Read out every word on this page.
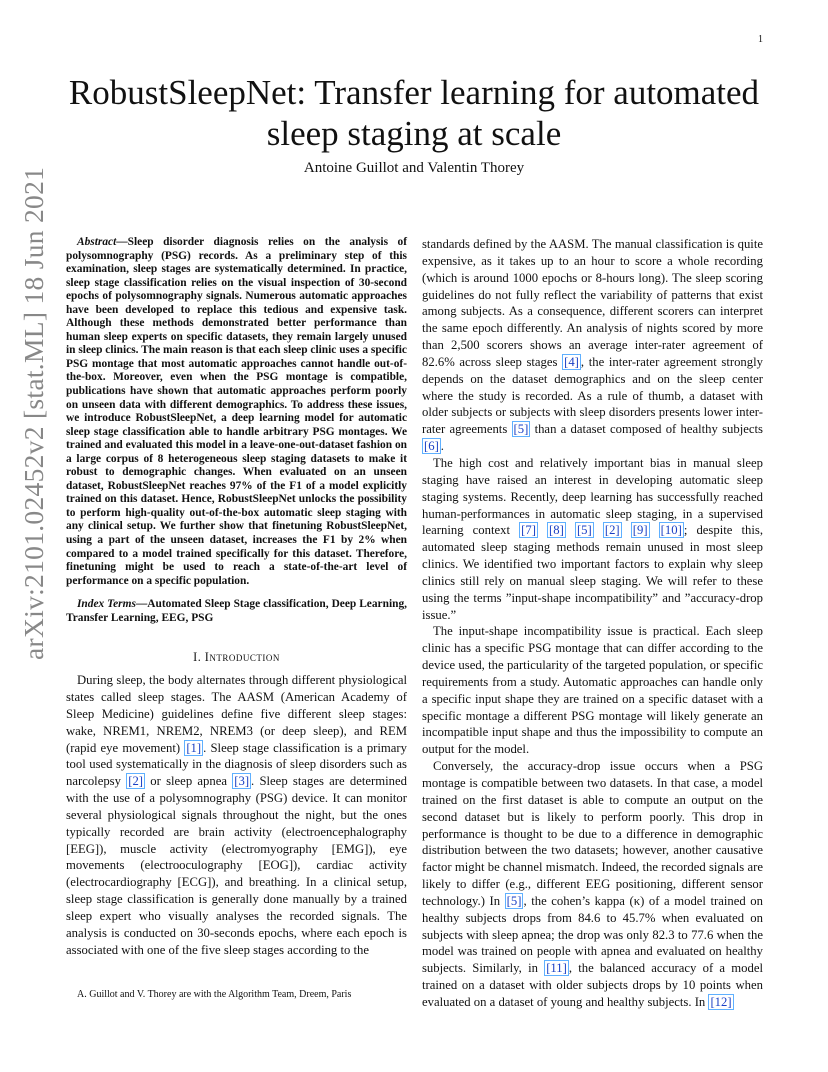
1
arXiv:2101.02452v2 [stat.ML] 18 Jun 2021
RobustSleepNet: Transfer learning for automated sleep staging at scale
Antoine Guillot and Valentin Thorey

Abstract—Sleep disorder diagnosis relies on the analysis of polysomnography (PSG) records. As a preliminary step of this examination, sleep stages are systematically determined. In practice, sleep stage classification relies on the visual inspection of 30-second epochs of polysomnography signals. Numerous automatic approaches have been developed to replace this tedious and expensive task. Although these methods demonstrated better performance than human sleep experts on specific datasets, they remain largely unused in sleep clinics. The main reason is that each sleep clinic uses a specific PSG montage that most automatic approaches cannot handle out-of-the-box. Moreover, even when the PSG montage is compatible, publications have shown that automatic approaches perform poorly on unseen data with different demographics. To address these issues, we introduce RobustSleepNet, a deep learning model for automatic sleep stage classification able to handle arbitrary PSG montages. We trained and evaluated this model in a leave-one-out-dataset fashion on a large corpus of 8 heterogeneous sleep staging datasets to make it robust to demographic changes. When evaluated on an unseen dataset, RobustSleepNet reaches 97% of the F1 of a model explicitly trained on this dataset. Hence, RobustSleepNet unlocks the possibility to perform high-quality out-of-the-box automatic sleep staging with any clinical setup. We further show that finetuning RobustSleepNet, using a part of the unseen dataset, increases the F1 by 2% when compared to a model trained specifically for this dataset. Therefore, finetuning might be used to reach a state-of-the-art level of performance on a specific population.

Index Terms—Automated Sleep Stage classification, Deep Learning, Transfer Learning, EEG, PSG

I. Introduction

During sleep, the body alternates through different physiological states called sleep stages. The AASM (American Academy of Sleep Medicine) guidelines define five different sleep stages: wake, NREM1, NREM2, NREM3 (or deep sleep), and REM (rapid eye movement) [1] . Sleep stage classification is a primary tool used systematically in the diagnosis of sleep disorders such as narcolepsy [2] or sleep apnea [3] . Sleep stages are determined with the use of a polysomnography (PSG) device. It can monitor several physiological signals throughout the night, but the ones typically recorded are brain activity (electroencephalography [EEG]), muscle activity (electromyography [EMG]), eye movements (electrooculography [EOG]), cardiac activity (electrocardiography [ECG]), and breathing. In a clinical setup, sleep stage classification is generally done manually by a trained sleep expert who visually analyses the recorded signals. The analysis is conducted on 30-seconds epochs, where each epoch is associated with one of the five sleep stages according to the

standards defined by the AASM. The manual classification is quite expensive, as it takes up to an hour to score a whole recording (which is around 1000 epochs or 8-hours long). The sleep scoring guidelines do not fully reflect the variability of patterns that exist among subjects. As a consequence, different scorers can interpret the same epoch differently. An analysis of nights scored by more than 2,500 scorers shows an average inter-rater agreement of 82.6% across sleep stages [4] , the inter-rater agreement strongly depends on the dataset demographics and on the sleep center where the study is recorded. As a rule of thumb, a dataset with older subjects or subjects with sleep disorders presents lower inter-rater agreements [5] than a dataset composed of healthy subjects [6] .

The high cost and relatively important bias in manual sleep staging have raised an interest in developing automatic sleep staging systems. Recently, deep learning has successfully reached human-performances in automatic sleep staging, in a supervised learning context [7] [8] [5] [2] [9] [10] ; despite this, automated sleep staging methods remain unused in most sleep clinics. We identified two important factors to explain why sleep clinics still rely on manual sleep staging. We will refer to these using the terms ”input-shape incompatibility” and ”accuracy-drop issue.”

The input-shape incompatibility issue is practical. Each sleep clinic has a specific PSG montage that can differ according to the device used, the particularity of the targeted population, or specific requirements from a study. Automatic approaches can handle only a specific input shape they are trained on a specific dataset with a specific montage a different PSG montage will likely generate an incompatible input shape and thus the impossibility to compute an output for the model.

Conversely, the accuracy-drop issue occurs when a PSG montage is compatible between two datasets. In that case, a model trained on the first dataset is able to compute an output on the second dataset but is likely to perform poorly. This drop in performance is thought to be due to a difference in demographic distribution between the two datasets; however, another causative factor might be channel mismatch. Indeed, the recorded signals are likely to differ (e.g., different EEG positioning, different sensor technology.) In [5] , the cohen’s kappa (κ) of a model trained on healthy subjects drops from 84.6 to 45.7% when evaluated on subjects with sleep apnea; the drop was only 82.3 to 77.6 when the model was trained on people with apnea and evaluated on healthy subjects. Similarly, in [11] , the balanced accuracy of a model trained on a dataset with older subjects drops by 10 points when evaluated on a dataset of young and healthy subjects. In [12]

A. Guillot and V. Thorey are with the Algorithm Team, Dreem, Paris
